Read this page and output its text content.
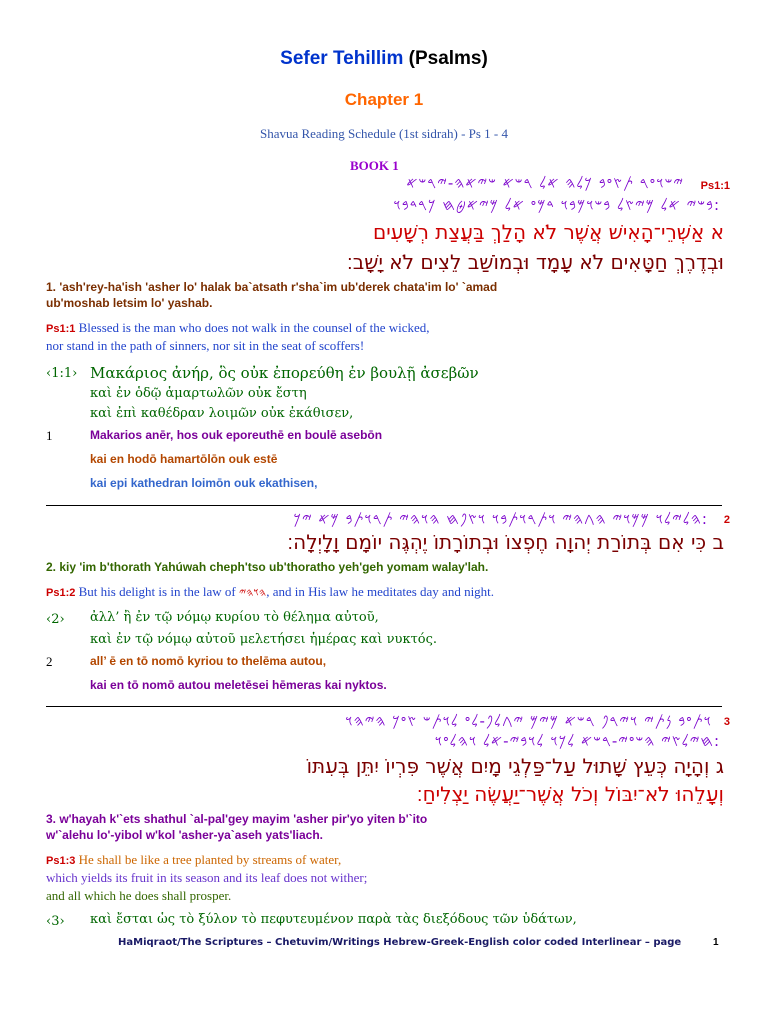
Sefer Tehillim (Psalms)
Chapter 1
Shavua Reading Schedule (1st sidrah) - Ps 1 - 4
BOOK 1
𐤉𐤔𐤅𐤏𐤓 𐤕𐤑𐤏𐤁 𐤊𐤋𐤄 𐤀𐤋 𐤓𐤔𐤀 𐤔𐤉𐤀𐤄-𐤉𐤓𐤔𐤀 Ps1:1
:𐤁𐤔𐤉 𐤀𐤋 𐤌𐤉𐤑𐤋 𐤁𐤔𐤅𐤌𐤁𐤅 𐤃𐤌𐤏 𐤀𐤋 𐤌𐤉𐤀𐤈𐤇 𐤊𐤓𐤃𐤁𐤅
א אַשְׁרֵי־הָאִישׁ אֲשֶׁר לֹא הָלַךְ בַּעֲצַת רְשָׁעִים
וּבְדֶרֶךְ חַטָּאִים לֹא עָמָד וּבְמוֹשַׁב לֵצִים לֹא יָשָׁב׃
1. 'ash'rey-ha'ish 'asher lo' halak ba`atsath r'sha`im ub'derek chata'im lo' `amad
ub'moshab letsim lo' yashab.
Ps1:1 Blessed is the man who does not walk in the counsel of the wicked,
nor stand in the path of sinners, nor sit in the seat of scoffers!
‹1:1› Μακάριος ἀνήρ, ὃς οὐκ ἐπορεύθη ἐν βουλῇ ἀσεβῶν
καὶ ἐν ὁδῷ ἁμαρτωλῶν οὐκ ἔστη
καὶ ἐπὶ καθέδραν λοιμῶν οὐκ ἐκάθισεν,
1	Makarios anēr, hos ouk eporeuthē en boulē asebōn
kai en hodō hamartōlōn ouk estē
kai epi kathedran loimōn ouk ekathisen,
:𐤄𐤋𐤉𐤋𐤅 𐤌𐤌𐤅𐤉 𐤄𐤂𐤄𐤉 𐤅𐤕𐤓𐤅𐤕𐤁𐤅 𐤅𐤑𐤐𐤇 𐤄𐤅𐤄𐤉 𐤕𐤓𐤅𐤕𐤁 𐤌𐤀 𐤉𐤊 2
ב כִּי אִם בְּתוֹרַת יְהוָה חֶפְצוֹ וּבְתוֹרָתוֹ יֶהְגֶּה יוֹמָם וָלָיְלָה׃
2. kiy 'im b'thorath Yahúwah cheph'tso ub'thoratho yeh'geh yomam walay'lah.
Ps1:2 But his delight is in the law of 𐤄𐤅𐤄𐤉, and in His law he meditates day and night.
‹2› ἀλλ’ ἢ ἐν τῷ νόμῳ κυρίου τὸ θέλημα αὐτοῦ,
καὶ ἐν τῷ νόμῳ αὐτοῦ μελετήσει ἡμέρας καὶ νυκτός.
2	all’ ē en tō nomō kyriou to thelēma autou,
kai en tō nomō autou meletēsei hēmeras kai nyktos.
𐤅𐤕𐤏𐤁 𐤍𐤕𐤉 𐤅𐤉𐤓𐤐 𐤓𐤔𐤀 𐤌𐤉𐤌 𐤉𐤂𐤋𐤐-𐤋𐤏 𐤋𐤅𐤕𐤔 𐤑𐤏𐤊 𐤄𐤉𐤄𐤅 3
:𐤇𐤉𐤋𐤑𐤉 𐤄𐤔𐤏𐤉-𐤓𐤔𐤀 𐤋𐤊𐤅 𐤋𐤅𐤁𐤉-𐤀𐤋 𐤅𐤄𐤋𐤏𐤅
ג וְהָיָה כְּעֵץ שָׁתוּל עַל־פַּלְגֵי מָיִם אֲשֶׁר פִּרְיוֹ יִתֵּן בְּעִתּוֹ
וְעָלֵהוּ לֹא־יִבּוֹל וְכֹל אֲשֶׁר־יַעֲשֶׂה יַצְלִיחַ׃
3. w'hayah k'`ets shathul `al-pal'gey mayim 'asher pir'yo yiten b'`ito
w'`alehu lo'-yibol w'kol 'asher-ya`aseh yats'liach.
Ps1:3 He shall be like a tree planted by streams of water,
which yields its fruit in its season and its leaf does not wither;
and all which he does shall prosper.
‹3› καὶ ἔσται ὡς τὸ ξύλον τὸ πεφυτευμένον παρὰ τὰς διεξόδους τῶν ὑδάτων,
HaMiqraot/The Scriptures – Chetuvim/Writings Hebrew-Greek-English color coded Interlinear – page	1
